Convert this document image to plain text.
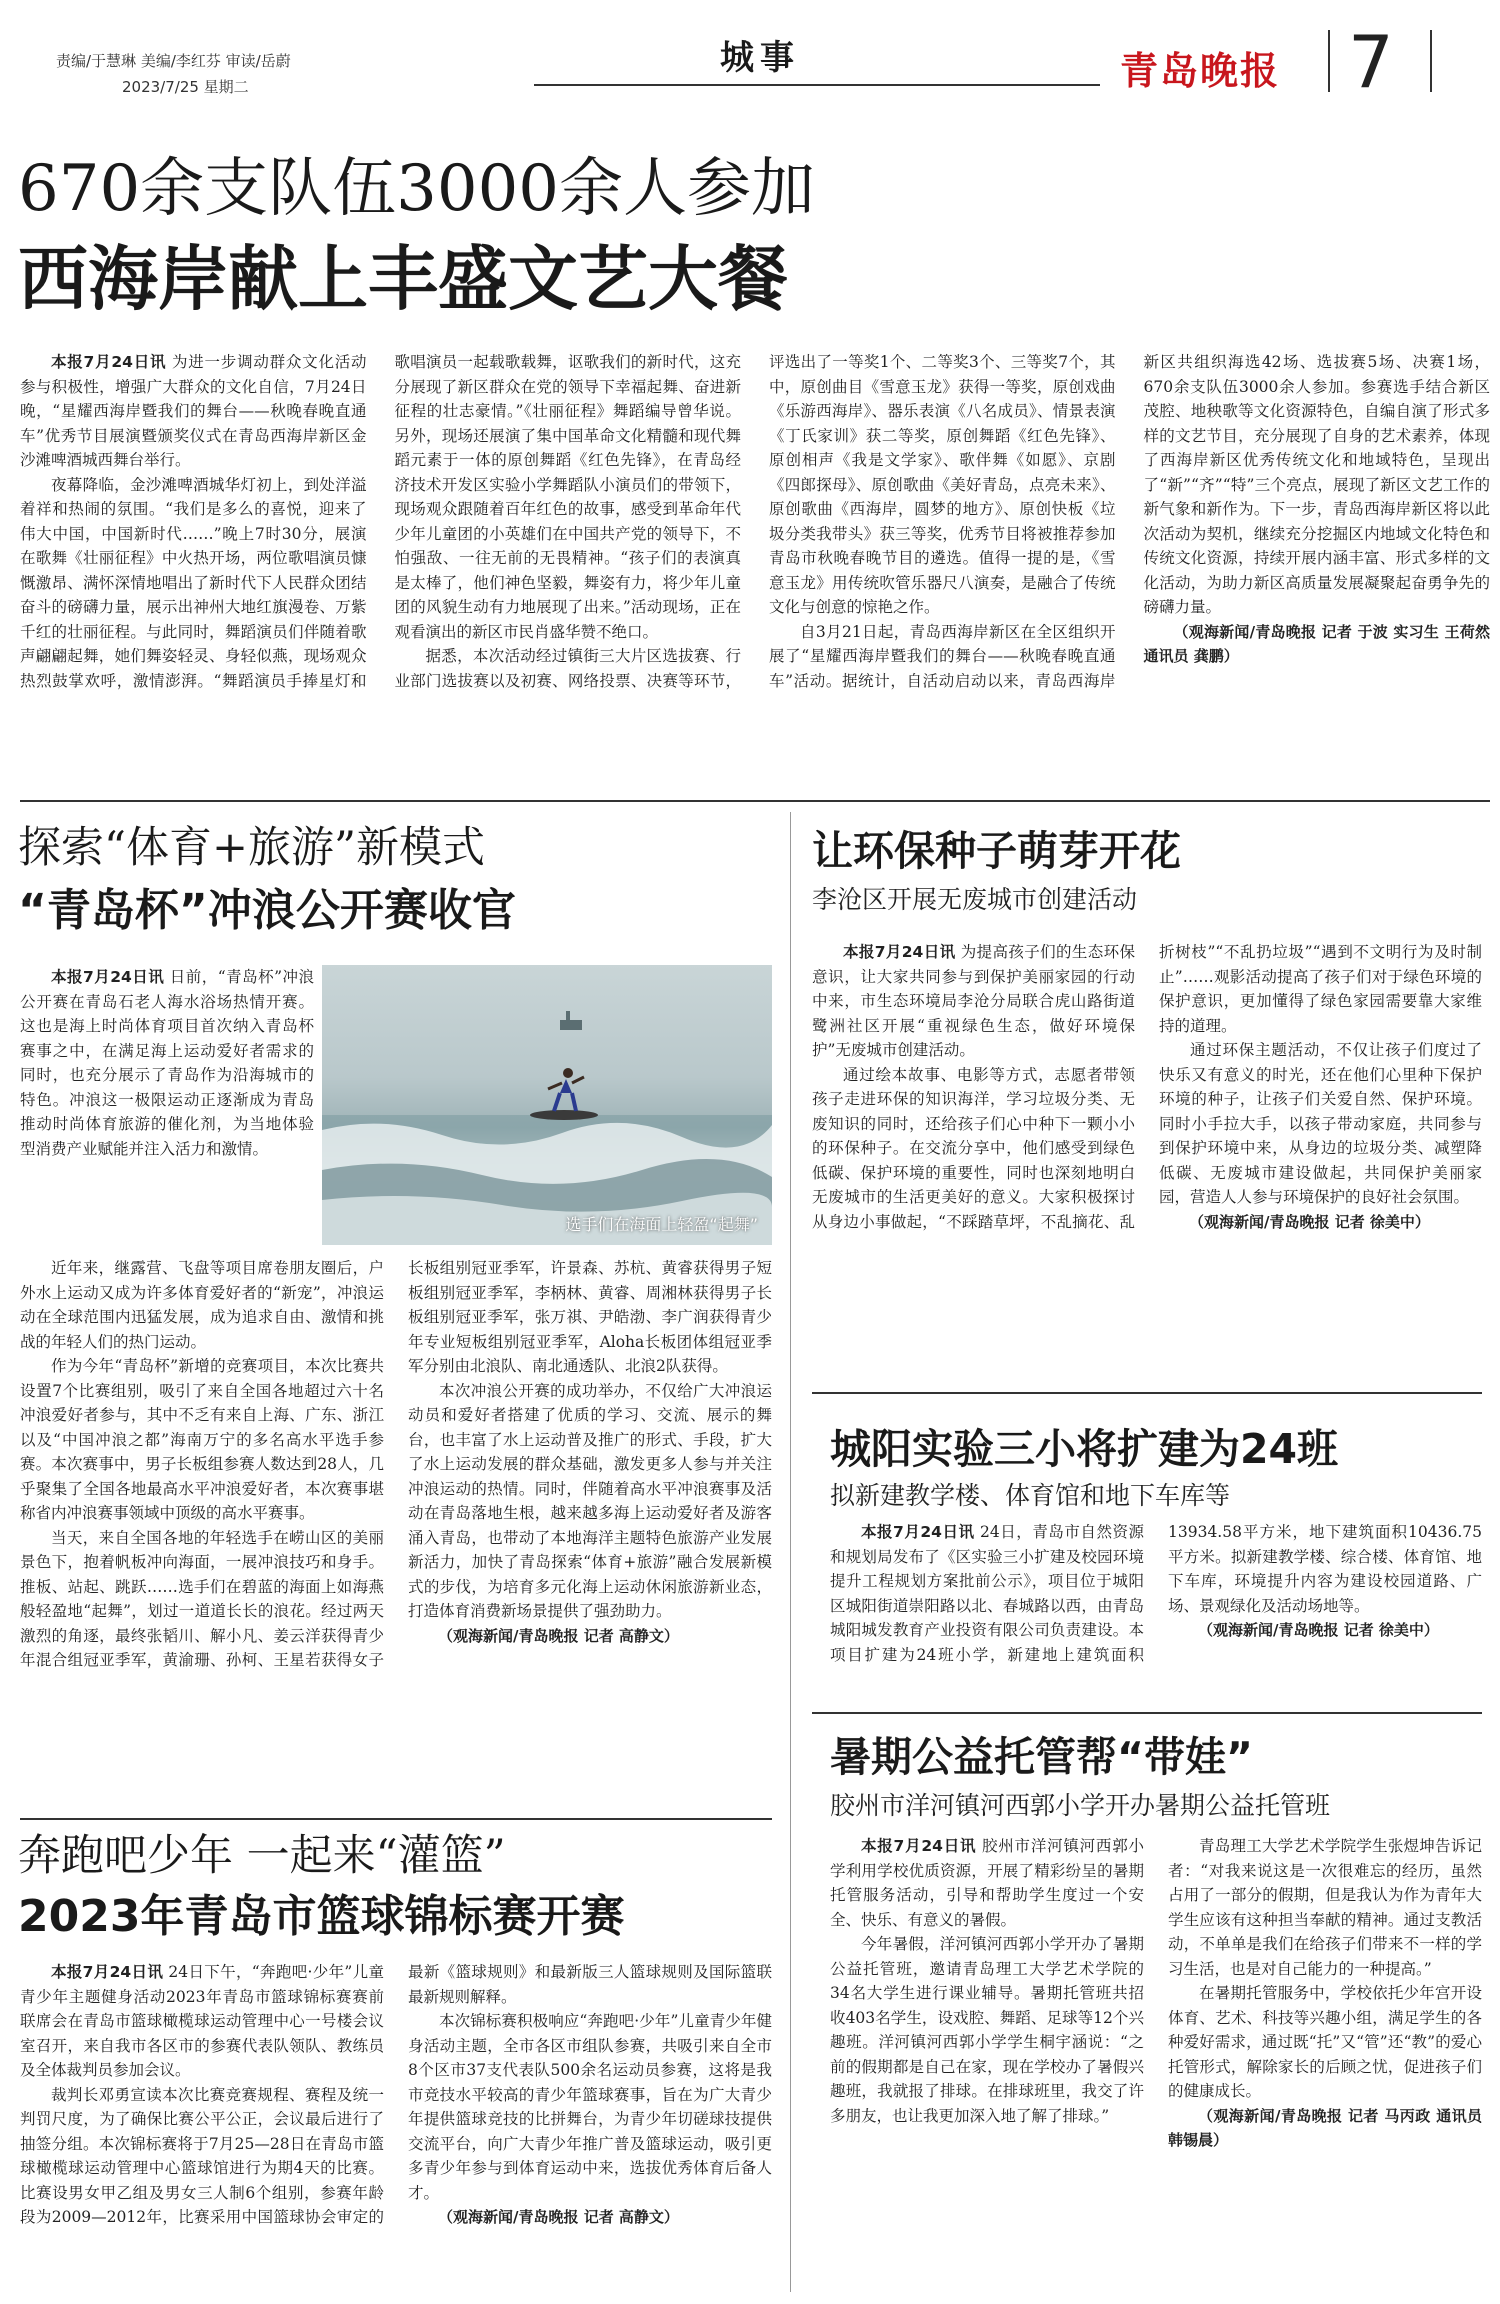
责编/于慧琳 美编/李红芬 审读/岳蔚
2023/7/25 星期二
城事	青岛晚报 7
670余支队伍3000余人参加
西海岸献上丰盛文艺大餐

本报7月24日讯 为进一步调动群众文化活动参与积极性，增强广大群众的文化自信，7月24日晚，“星耀西海岸暨我们的舞台——秋晚春晚直通车”优秀节目展演暨颁奖仪式在青岛西海岸新区金沙滩啤酒城西舞台举行。

夜幕降临，金沙滩啤酒城华灯初上，到处洋溢着祥和热闹的氛围。“我们是多么的喜悦，迎来了伟大中国，中国新时代……”晚上7时30分，展演在歌舞《壮丽征程》中火热开场，两位歌唱演员慷慨激昂、满怀深情地唱出了新时代下人民群众团结奋斗的磅礴力量，展示出神州大地红旗漫卷、万紫千红的壮丽征程。与此同时，舞蹈演员们伴随着歌声翩翩起舞，她们舞姿轻灵、身轻似燕，现场观众热烈鼓掌欢呼，激情澎湃。“舞蹈演员手捧星灯和歌唱演员一起载歌载舞，讴歌我们的新时代，这充分展现了新区群众在党的领导下幸福起舞、奋进新征程的壮志豪情。”《壮丽征程》舞蹈编导曾华说。另外，现场还展演了集中国革命文化精髓和现代舞蹈元素于一体的原创舞蹈《红色先锋》，在青岛经济技术开发区实验小学舞蹈队小演员们的带领下，现场观众跟随着百年红色的故事，感受到革命年代少年儿童团的小英雄们在中国共产党的领导下，不怕强敌、一往无前的无畏精神。“孩子们的表演真是太棒了，他们神色坚毅，舞姿有力，将少年儿童团的风貌生动有力地展现了出来。”活动现场，正在观看演出的新区市民肖盛华赞不绝口。

据悉，本次活动经过镇街三大片区选拔赛、行业部门选拔赛以及初赛、网络投票、决赛等环节，评选出了一等奖1个、二等奖3个、三等奖7个，其中，原创曲目《雪意玉龙》获得一等奖，原创戏曲《乐游西海岸》、器乐表演《八名成员》、情景表演《丁氏家训》获二等奖，原创舞蹈《红色先锋》、原创相声《我是文学家》、歌伴舞《如愿》、京剧《四郎探母》、原创歌曲《美好青岛，点亮未来》、原创歌曲《西海岸，圆梦的地方》、原创快板《垃圾分类我带头》获三等奖，优秀节目将被推荐参加青岛市秋晚春晚节目的遴选。值得一提的是，《雪意玉龙》用传统吹管乐器尺八演奏，是融合了传统文化与创意的惊艳之作。

自3月21日起，青岛西海岸新区在全区组织开展了“星耀西海岸暨我们的舞台——秋晚春晚直通车”活动。据统计，自活动启动以来，青岛西海岸新区共组织海选42场、选拔赛5场、决赛1场，670余支队伍3000余人参加。参赛选手结合新区茂腔、地秧歌等文化资源特色，自编自演了形式多样的文艺节目，充分展现了自身的艺术素养，体现了西海岸新区优秀传统文化和地域特色，呈现出了“新”“齐”“特”三个亮点，展现了新区文艺工作的新气象和新作为。下一步，青岛西海岸新区将以此次活动为契机，继续充分挖掘区内地域文化特色和传统文化资源，持续开展内涵丰富、形式多样的文化活动，为助力新区高质量发展凝聚起奋勇争先的磅礴力量。

（观海新闻/青岛晚报 记者 于波 实习生 王荷然 通讯员 龚鹏）

探索“体育+旅游”新模式
“青岛杯”冲浪公开赛收官
选手们在海面上轻盈“起舞”

本报7月24日讯 日前，“青岛杯”冲浪公开赛在青岛石老人海水浴场热情开赛。这也是海上时尚体育项目首次纳入青岛杯赛事之中，在满足海上运动爱好者需求的同时，也充分展示了青岛作为沿海城市的特色。冲浪这一极限运动正逐渐成为青岛推动时尚体育旅游的催化剂，为当地体验型消费产业赋能并注入活力和激情。

近年来，继露营、飞盘等项目席卷朋友圈后，户外水上运动又成为许多体育爱好者的“新宠”，冲浪运动在全球范围内迅猛发展，成为追求自由、激情和挑战的年轻人们的热门运动。

作为今年“青岛杯”新增的竞赛项目，本次比赛共设置7个比赛组别，吸引了来自全国各地超过六十名冲浪爱好者参与，其中不乏有来自上海、广东、浙江以及“中国冲浪之都”海南万宁的多名高水平选手参赛。本次赛事中，男子长板组参赛人数达到28人，几乎聚集了全国各地最高水平冲浪爱好者，本次赛事堪称省内冲浪赛事领域中顶级的高水平赛事。

当天，来自全国各地的年轻选手在崂山区的美丽景色下，抱着帆板冲向海面，一展冲浪技巧和身手。推板、站起、跳跃……选手们在碧蓝的海面上如海燕般轻盈地“起舞”，划过一道道长长的浪花。经过两天激烈的角逐，最终张韬川、解小凡、姜云洋获得青少年混合组冠亚季军，黄渝珊、孙柯、王星若获得女子长板组别冠亚季军，许景森、苏杭、黄睿获得男子短板组别冠亚季军，李柄林、黄睿、周湘林获得男子长板组别冠亚季军，张万祺、尹皓渤、李广润获得青少年专业短板组别冠亚季军，Aloha长板团体组冠亚季军分别由北浪队、南北通透队、北浪2队获得。

本次冲浪公开赛的成功举办，不仅给广大冲浪运动员和爱好者搭建了优质的学习、交流、展示的舞台，也丰富了水上运动普及推广的形式、手段，扩大了水上运动发展的群众基础，激发更多人参与并关注冲浪运动的热情。同时，伴随着高水平冲浪赛事及活动在青岛落地生根，越来越多海上运动爱好者及游客涌入青岛，也带动了本地海洋主题特色旅游产业发展新活力，加快了青岛探索“体育+旅游”融合发展新模式的步伐，为培育多元化海上运动休闲旅游新业态，打造体育消费新场景提供了强劲助力。

（观海新闻/青岛晚报 记者 高静文）

奔跑吧少年 一起来“灌篮”
2023年青岛市篮球锦标赛开赛

本报7月24日讯 24日下午，“奔跑吧·少年”儿童青少年主题健身活动2023年青岛市篮球锦标赛赛前联席会在青岛市篮球橄榄球运动管理中心一号楼会议室召开，来自我市各区市的参赛代表队领队、教练员及全体裁判员参加会议。

裁判长邓勇宣读本次比赛竞赛规程、赛程及统一判罚尺度，为了确保比赛公平公正，会议最后进行了抽签分组。本次锦标赛将于7月25—28日在青岛市篮球橄榄球运动管理中心篮球馆进行为期4天的比赛。比赛设男女甲乙组及男女三人制6个组别，参赛年龄段为2009—2012年，比赛采用中国篮球协会审定的最新《篮球规则》和最新版三人篮球规则及国际篮联最新规则解释。

本次锦标赛积极响应“奔跑吧·少年”儿童青少年健身活动主题，全市各区市组队参赛，共吸引来自全市8个区市37支代表队500余名运动员参赛，这将是我市竞技水平较高的青少年篮球赛事，旨在为广大青少年提供篮球竞技的比拼舞台，为青少年切磋球技提供交流平台，向广大青少年推广普及篮球运动，吸引更多青少年参与到体育运动中来，选拔优秀体育后备人才。

（观海新闻/青岛晚报 记者 高静文）

让环保种子萌芽开花
李沧区开展无废城市创建活动

本报7月24日讯 为提高孩子们的生态环保意识，让大家共同参与到保护美丽家园的行动中来，市生态环境局李沧分局联合虎山路街道鹭洲社区开展“重视绿色生态，做好环境保护”无废城市创建活动。

通过绘本故事、电影等方式，志愿者带领孩子走进环保的知识海洋，学习垃圾分类、无废知识的同时，还给孩子们心中种下一颗小小的环保种子。在交流分享中，他们感受到绿色低碳、保护环境的重要性，同时也深刻地明白无废城市的生活更美好的意义。大家积极探讨从身边小事做起，“不踩踏草坪，不乱摘花、乱折树枝”“不乱扔垃圾”“遇到不文明行为及时制止”……观影活动提高了孩子们对于绿色环境的保护意识，更加懂得了绿色家园需要靠大家维持的道理。

通过环保主题活动，不仅让孩子们度过了快乐又有意义的时光，还在他们心里种下保护环境的种子，让孩子们关爱自然、保护环境。同时小手拉大手，以孩子带动家庭，共同参与到保护环境中来，从身边的垃圾分类、减塑降低碳、无废城市建设做起，共同保护美丽家园，营造人人参与环境保护的良好社会氛围。

（观海新闻/青岛晚报 记者 徐美中）

城阳实验三小将扩建为24班
拟新建教学楼、体育馆和地下车库等

本报7月24日讯 24日，青岛市自然资源和规划局发布了《区实验三小扩建及校园环境提升工程规划方案批前公示》，项目位于城阳区城阳街道崇阳路以北、春城路以西，由青岛城阳城发教育产业投资有限公司负责建设。本项目扩建为24班小学，新建地上建筑面积13934.58平方米，地下建筑面积10436.75平方米。拟新建教学楼、综合楼、体育馆、地下车库，环境提升内容为建设校园道路、广场、景观绿化及活动场地等。

（观海新闻/青岛晚报 记者 徐美中）

暑期公益托管帮“带娃”
胶州市洋河镇河西郭小学开办暑期公益托管班

本报7月24日讯 胶州市洋河镇河西郭小学利用学校优质资源，开展了精彩纷呈的暑期托管服务活动，引导和帮助学生度过一个安全、快乐、有意义的暑假。

今年暑假，洋河镇河西郭小学开办了暑期公益托管班，邀请青岛理工大学艺术学院的34名大学生进行课业辅导。暑期托管班共招收403名学生，设戏腔、舞蹈、足球等12个兴趣班。洋河镇河西郭小学学生桐宇涵说：“之前的假期都是自己在家，现在学校办了暑假兴趣班，我就报了排球。在排球班里，我交了许多朋友，也让我更加深入地了解了排球。”

青岛理工大学艺术学院学生张煜坤告诉记者：“对我来说这是一次很难忘的经历，虽然占用了一部分的假期，但是我认为作为青年大学生应该有这种担当奉献的精神。通过支教活动，不单单是我们在给孩子们带来不一样的学习生活，也是对自己能力的一种提高。”

在暑期托管服务中，学校依托少年宫开设体育、艺术、科技等兴趣小组，满足学生的各种爱好需求，通过既“托”又“管”还“教”的爱心托管形式，解除家长的后顾之忧，促进孩子们的健康成长。

（观海新闻/青岛晚报 记者 马丙政 通讯员 韩锡晨）
